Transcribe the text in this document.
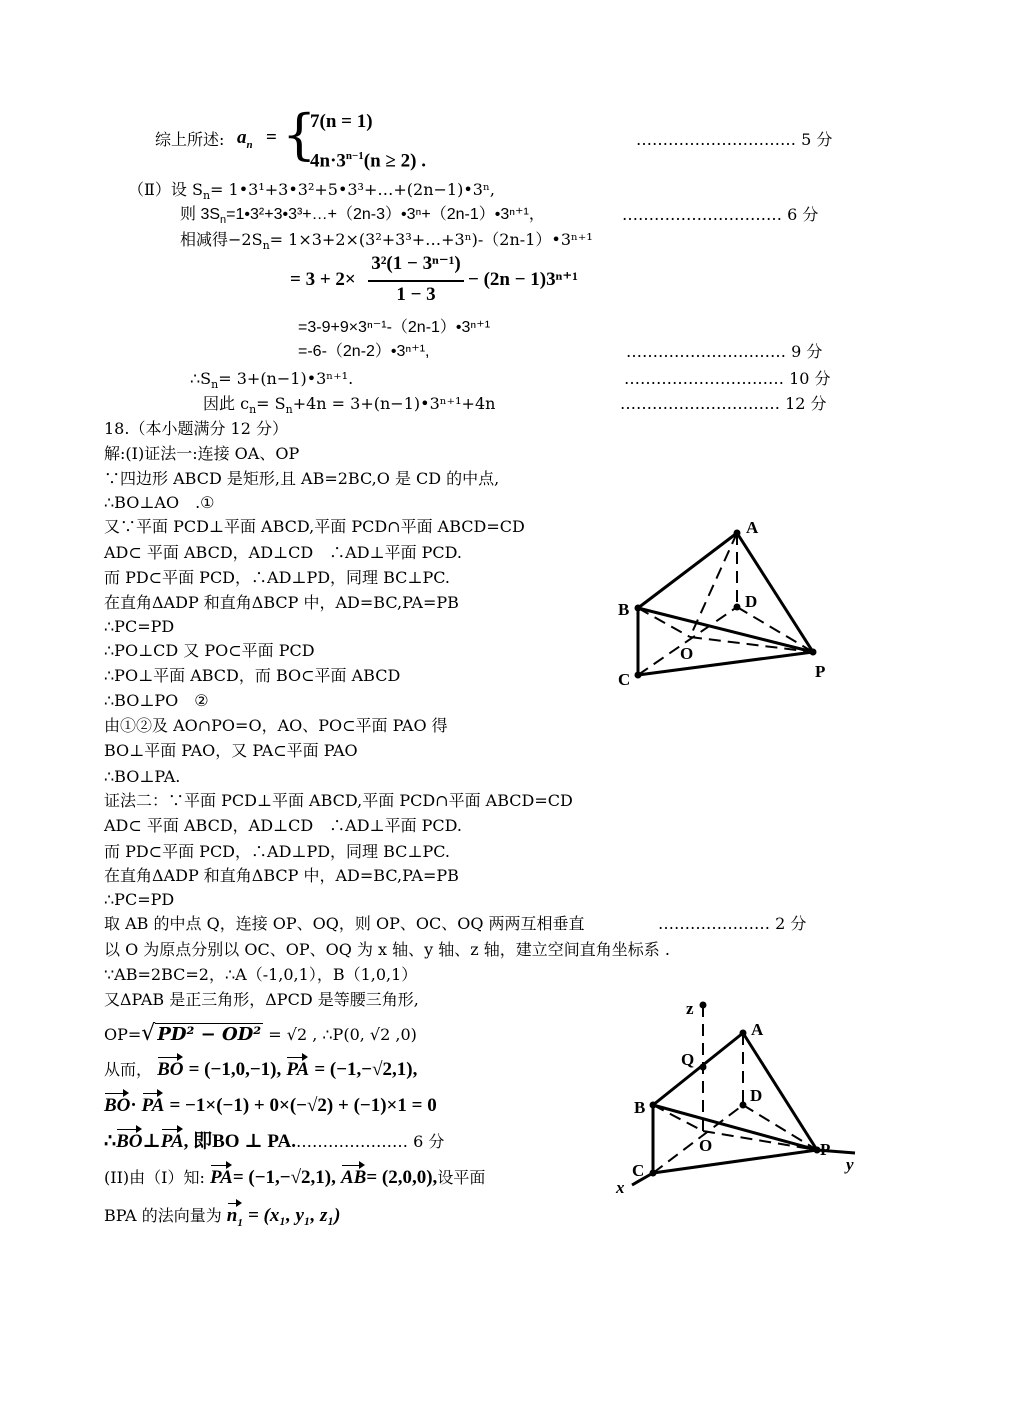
综上所述: $a_n$ = {
7(n = 1)
$4n\cdot 3^{n-1}(n \ge 2)$ .
………………………… 5 分
（Ⅱ）设 $S_n=$ 1•3¹+3•3²+5•3³+…+(2n−1)•3ⁿ,
则 $3S_n=1•3^2+3•3^3+\dots+(2n-3)•3^n+(2n-1)•3^{n+1}$，	………………………… 6 分
相减得$-2S_n=$ 1×3+2×(3²+3³+…+3ⁿ)-（2n-1）•3ⁿ⁺¹
= 3 + 2×
3²(1 − 3ⁿ⁻¹)
1 − 3
− (2n − 1)3ⁿ⁺¹
=3-9+9×3ⁿ⁻¹-（2n-1）•3ⁿ⁺¹
=-6-（2n-2）•3ⁿ⁺¹,	………………………… 9 分
$\therefore S_n=$ 3+(n−1)•3ⁿ⁺¹.	………………………… 10 分
因此 $c_n= S_n+4n$ = 3+(n−1)•3ⁿ⁺¹+4n	………………………… 12 分
18.（本小题满分 12 分）
解:(I)证法一:连接 OA、OP
∵四边形 ABCD 是矩形,且 AB=2BC,O 是 CD 的中点,
∴BO⊥AO　.①
又∵平面 PCD⊥平面 ABCD,平面 PCD∩平面 ABCD=CD
AD⊂ 平面 ABCD，AD⊥CD　∴AD⊥平面 PCD.
而 PD⊂平面 PCD，∴AD⊥PD，同理 BC⊥PC.
在直角ΔADP 和直角ΔBCP 中，AD=BC,PA=PB
∴PC=PD
∴PO⊥CD 又 PO⊂平面 PCD
∴PO⊥平面 ABCD，而 BO⊂平面 ABCD
∴BO⊥PO　②
由①②及 AO∩PO=O，AO、PO⊂平面 PAO 得
BO⊥平面 PAO，又 PA⊂平面 PAO
∴BO⊥PA.
证法二：∵平面 PCD⊥平面 ABCD,平面 PCD∩平面 ABCD=CD
AD⊂ 平面 ABCD，AD⊥CD　∴AD⊥平面 PCD.
而 PD⊂平面 PCD，∴AD⊥PD，同理 BC⊥PC.
在直角ΔADP 和直角ΔBCP 中，AD=BC,PA=PB
∴PC=PD
取 AB 的中点 Q，连接 OP、OQ，则 OP、OC、OQ 两两互相垂直	………………… 2 分
以 O 为原点分别以 OC、OP、OQ 为 x 轴、y 轴、z 轴，建立空间直角坐标系 .
∵AB=2BC=2，∴A（-1,0,1），B（1,0,1）
又ΔPAB 是正三角形，ΔPCD 是等腰三角形,
OP=√ PD² − OD² = √2 , ∴P(0, √2 ,0)
从而， BO = (−1,0,−1), PA = (−1,−√2,1),
BO· PA = −1×(−1) + 0×(−√2) + (−1)×1 = 0
∴BO⊥PA, 即BO ⊥ PA.………………… 6 分
(II)由（I）知: PA= (−1,−√2,1), AB= (2,0,0),设平面
BPA 的法向量为 $n_1 = (x_1$, y₁, z₁)
A
B
C
D
O
P
z
A
Q
D
B
O	P
C
x
y
